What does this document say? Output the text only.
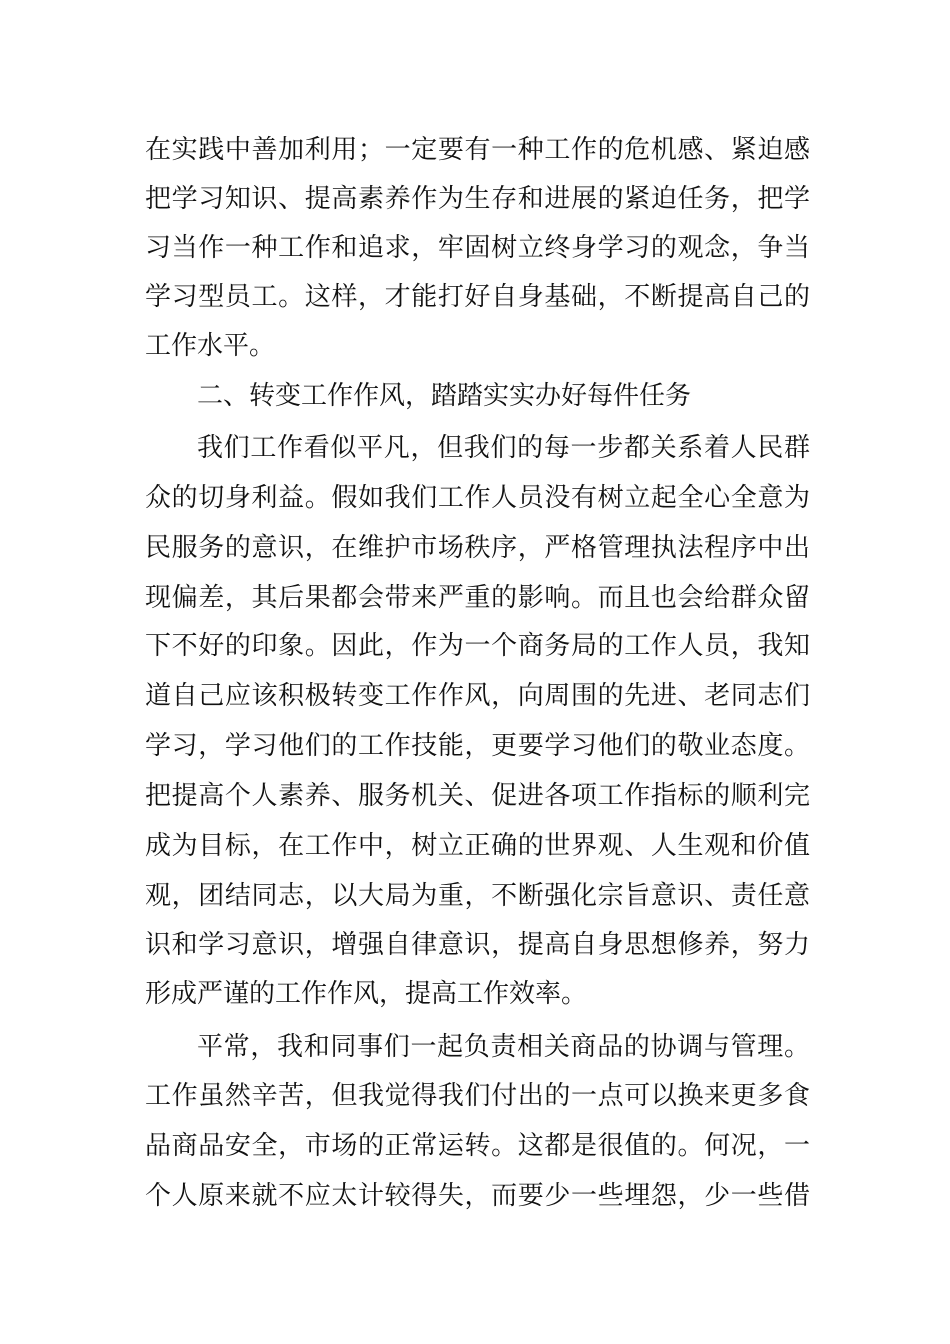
在实践中善加利用；一定要有一种工作的危机感、紧迫感
把学习知识、提高素养作为生存和进展的紧迫任务，把学
习当作一种工作和追求，牢固树立终身学习的观念，争当
学习型员工。这样，才能打好自身基础，不断提高自己的
工作水平。
二、转变工作作风，踏踏实实办好每件任务
我们工作看似平凡，但我们的每一步都关系着人民群
众的切身利益。假如我们工作人员没有树立起全心全意为
民服务的意识，在维护市场秩序，严格管理执法程序中出
现偏差，其后果都会带来严重的影响。而且也会给群众留
下不好的印象。因此，作为一个商务局的工作人员，我知
道自己应该积极转变工作作风，向周围的先进、老同志们
学习，学习他们的工作技能，更要学习他们的敬业态度。
把提高个人素养、服务机关、促进各项工作指标的顺利完
成为目标，在工作中，树立正确的世界观、人生观和价值
观，团结同志，以大局为重，不断强化宗旨意识、责任意
识和学习意识，增强自律意识，提高自身思想修养，努力
形成严谨的工作作风，提高工作效率。
平常，我和同事们一起负责相关商品的协调与管理。
工作虽然辛苦，但我觉得我们付出的一点可以换来更多食
品商品安全，市场的正常运转。这都是很值的。何况，一
个人原来就不应太计较得失，而要少一些埋怨，少一些借
